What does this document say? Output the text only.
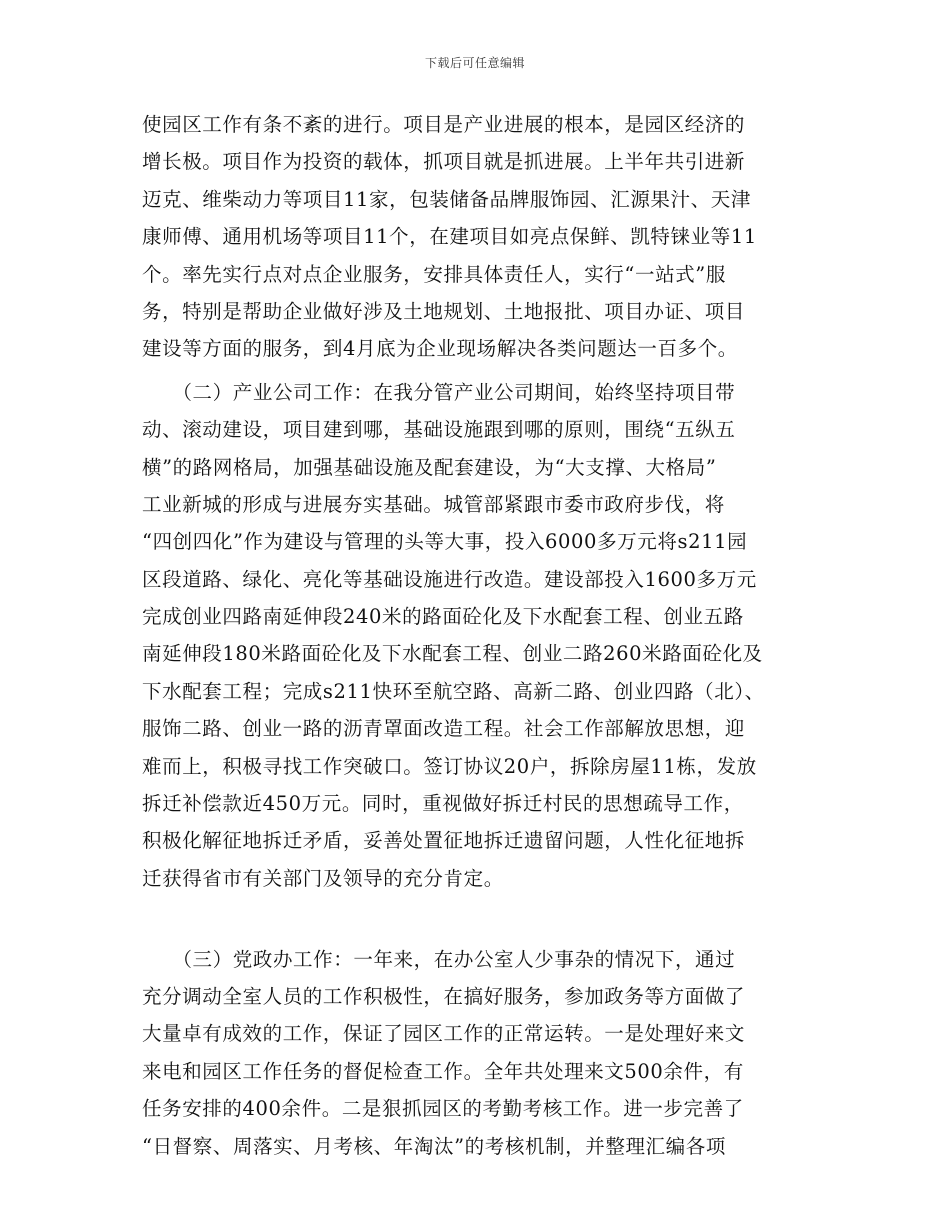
下载后可任意编辑
使园区工作有条不紊的进行。项目是产业进展的根本，是园区经济的
增长极。项目作为投资的载体，抓项目就是抓进展。上半年共引进新
迈克、维柴动力等项目11家，包装储备品牌服饰园、汇源果汁、天津
康师傅、通用机场等项目11个，在建项目如亮点保鲜、凯特铼业等11
个。率先实行点对点企业服务，安排具体责任人，实行“一站式”服
务，特别是帮助企业做好涉及土地规划、土地报批、项目办证、项目
建设等方面的服务，到4月底为企业现场解决各类问题达一百多个。
　　（二）产业公司工作：在我分管产业公司期间，始终坚持项目带
动、滚动建设，项目建到哪，基础设施跟到哪的原则，围绕“五纵五
横”的路网格局，加强基础设施及配套建设，为“大支撑、大格局”
工业新城的形成与进展夯实基础。城管部紧跟市委市政府步伐，将
“四创四化”作为建设与管理的头等大事，投入6000多万元将s211园
区段道路、绿化、亮化等基础设施进行改造。建设部投入1600多万元
完成创业四路南延伸段240米的路面砼化及下水配套工程、创业五路
南延伸段180米路面砼化及下水配套工程、创业二路260米路面砼化及
下水配套工程；完成s211快环至航空路、高新二路、创业四路（北）、
服饰二路、创业一路的沥青罩面改造工程。社会工作部解放思想，迎
难而上，积极寻找工作突破口。签订协议20户，拆除房屋11栋，发放
拆迁补偿款近450万元。同时，重视做好拆迁村民的思想疏导工作，
积极化解征地拆迁矛盾，妥善处置征地拆迁遗留问题，人性化征地拆
迁获得省市有关部门及领导的充分肯定。
　　（三）党政办工作：一年来，在办公室人少事杂的情况下，通过
充分调动全室人员的工作积极性，在搞好服务，参加政务等方面做了
大量卓有成效的工作，保证了园区工作的正常运转。一是处理好来文
来电和园区工作任务的督促检查工作。全年共处理来文500余件，有
任务安排的400余件。二是狠抓园区的考勤考核工作。进一步完善了
“日督察、周落实、月考核、年淘汰”的考核机制，并整理汇编各项
